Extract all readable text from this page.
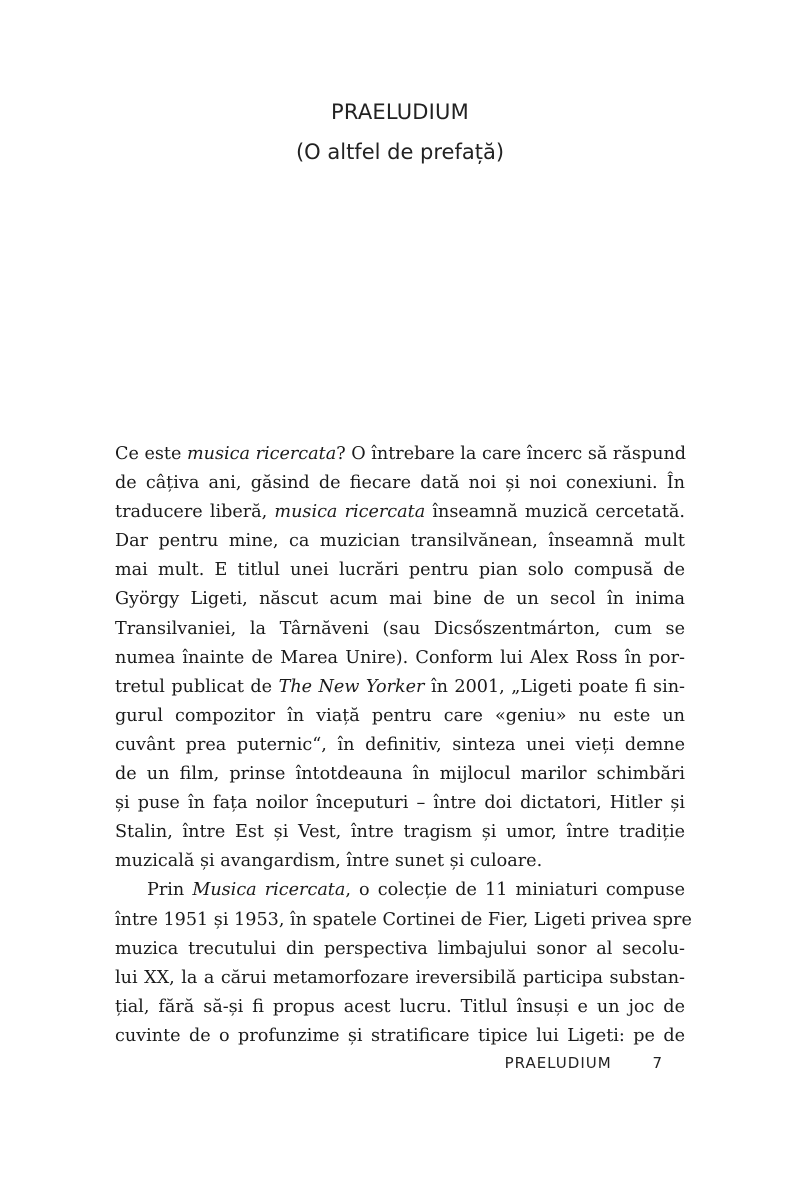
PRAELUDIUM
(O altfel de prefață)
Ce este musica ricercata? O întrebare la care încerc să răspund
de câțiva ani, găsind de fiecare dată noi și noi conexiuni. În
traducere liberă, musica ricercata înseamnă muzică cercetată.
Dar pentru mine, ca muzician transilvănean, înseamnă mult
mai mult. E titlul unei lucrări pentru pian solo compusă de
György Ligeti, născut acum mai bine de un secol în inima
Transilvaniei, la Târnăveni (sau Dicsőszentmárton, cum se
numea înainte de Marea Unire). Conform lui Alex Ross în por-
tretul publicat de The New Yorker în 2001, „Ligeti poate fi sin-
gurul compozitor în viață pentru care «geniu» nu este un
cuvânt prea puternic“, în definitiv, sinteza unei vieți demne
de un film, prinse întotdeauna în mijlocul marilor schimbări
și puse în fața noilor începuturi – între doi dictatori, Hitler și
Stalin, între Est și Vest, între tragism și umor, între tradiție
muzicală și avangardism, între sunet și culoare.
Prin Musica ricercata, o colecție de 11 miniaturi compuse
între 1951 și 1953, în spatele Cortinei de Fier, Ligeti privea spre
muzica trecutului din perspectiva limbajului sonor al secolu-
lui XX, la a cărui metamorfozare ireversibilă participa substan-
țial, fără să-și fi propus acest lucru. Titlul însuși e un joc de
cuvinte de o profunzime și stratificare tipice lui Ligeti: pe de
PRAELUDIUM	7
